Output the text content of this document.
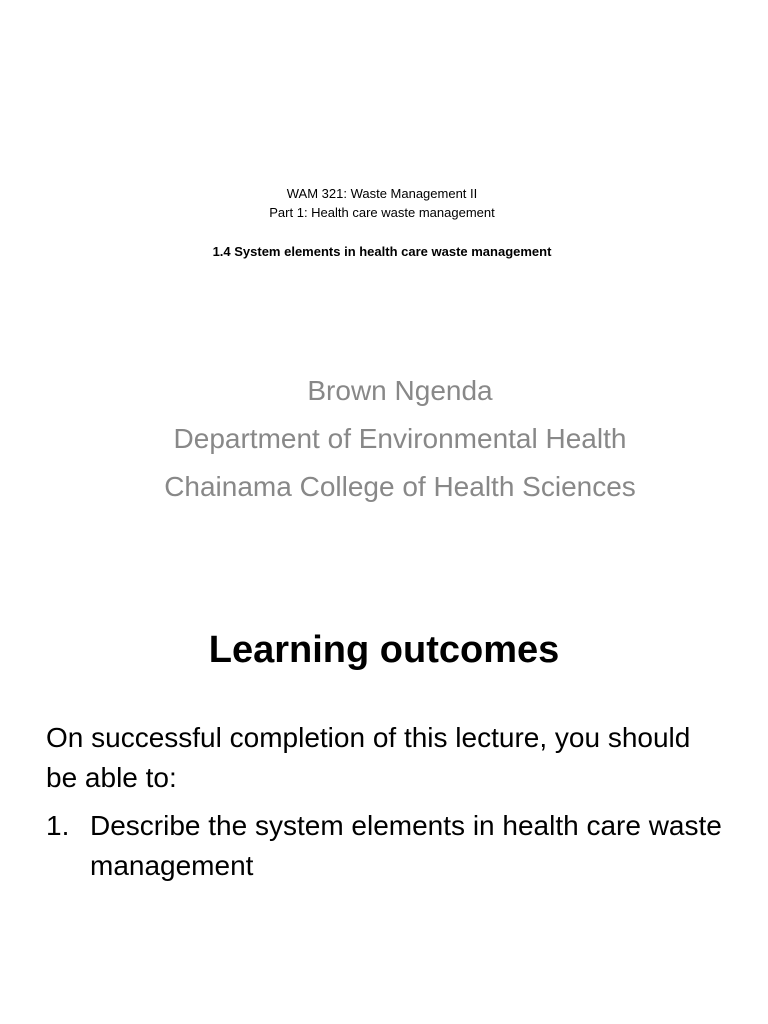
WAM 321: Waste Management II
Part 1: Health care waste management
1.4 System elements in health care waste management
Brown Ngenda
Department of Environmental Health
Chainama College of Health Sciences
Learning outcomes

On successful completion of this lecture, you should be able to:

1. Describe the system elements in health care waste management
